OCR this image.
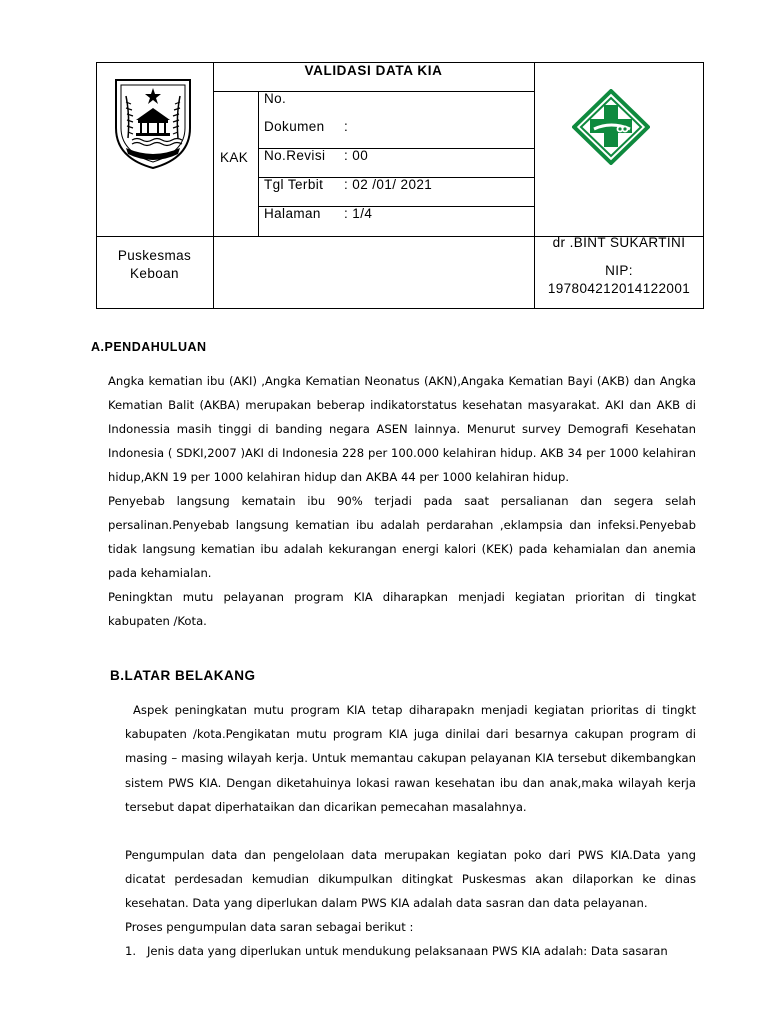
VALIDASI DATA KIA
KAK
No.
Dokumen :
No.Revisi : 00
Tgl Terbit : 02 /01/ 2021
Halaman : 1/4
Puskesmas
Keboan
dr .BINT SUKARTINI
NIP:
197804212014122001
A.PENDAHULUAN
Angka kematian ibu (AKI) ,Angka Kematian Neonatus (AKN),Angaka Kematian Bayi (AKB) dan Angka Kematian Balit (AKBA) merupakan beberap indikatorstatus kesehatan masyarakat. AKI dan AKB di Indonessia masih tinggi di banding negara ASEN lainnya. Menurut survey Demografi Kesehatan Indonesia ( SDKI,2007 )AKI di Indonesia 228 per 100.000 kelahiran hidup. AKB 34 per 1000 kelahiran hidup,AKN 19 per 1000 kelahiran hidup dan AKBA 44 per 1000 kelahiran hidup.
Penyebab langsung kematain ibu 90% terjadi pada saat persalianan dan segera selah persalinan.Penyebab langsung kematian ibu adalah perdarahan ,eklampsia dan infeksi.Penyebab tidak langsung kematian ibu adalah kekurangan energi kalori (KEK) pada kehamialan dan anemia pada kehamialan.
Peningktan mutu pelayanan program KIA diharapkan menjadi kegiatan prioritan di tingkat kabupaten /Kota.
B.LATAR BELAKANG
Aspek peningkatan mutu program KIA tetap diharapakn menjadi kegiatan prioritas di tingkt kabupaten /kota.Pengikatan mutu program KIA juga dinilai dari besarnya cakupan program di masing – masing wilayah kerja. Untuk memantau cakupan pelayanan KIA tersebut dikembangkan sistem PWS KIA. Dengan diketahuinya lokasi rawan kesehatan ibu dan anak,maka wilayah kerja tersebut dapat diperhataikan dan dicarikan pemecahan masalahnya.
Pengumpulan data dan pengelolaan data merupakan kegiatan poko dari PWS KIA.Data yang dicatat perdesadan kemudian dikumpulkan ditingkat Puskesmas akan dilaporkan ke dinas kesehatan. Data yang diperlukan dalam PWS KIA adalah data sasran dan data pelayanan.
Proses pengumpulan data saran sebagai berikut :
1. Jenis data yang diperlukan untuk mendukung pelaksanaan PWS KIA adalah: Data sasaran
